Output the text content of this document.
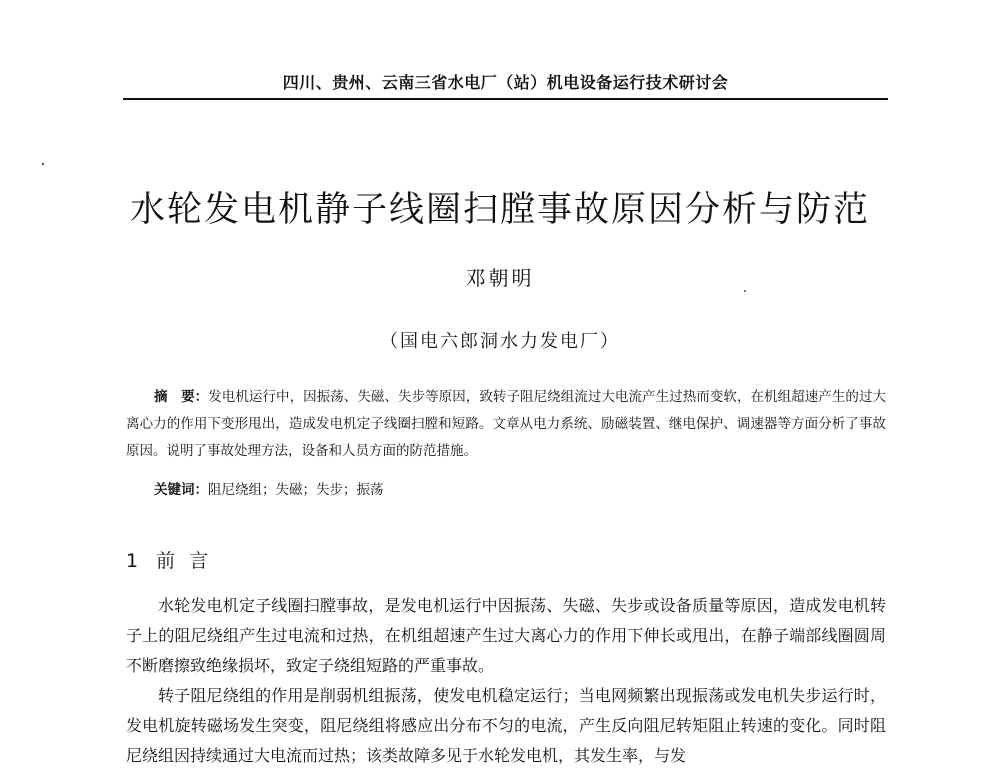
四川、贵州、云南三省水电厂（站）机电设备运行技术研讨会
水轮发电机静子线圈扫膛事故原因分析与防范
邓朝明
（国电六郎洞水力发电厂）
摘　要：发电机运行中，因振荡、失磁、失步等原因，致转子阻尼绕组流过大电流产生过热而变软，在机组超速产生的过大离心力的作用下变形甩出，造成发电机定子线圈扫膛和短路。文章从电力系统、励磁装置、继电保护、调速器等方面分析了事故原因。说明了事故处理方法，设备和人员方面的防范措施。
关键词：阻尼绕组；失磁；失步；振荡
1 前言

水轮发电机定子线圈扫膛事故，是发电机运行中因振荡、失磁、失步或设备质量等原因，造成发电机转子上的阻尼绕组产生过电流和过热，在机组超速产生过大离心力的作用下伸长或甩出，在静子端部线圈圆周不断磨擦致绝缘损坏，致定子绕组短路的严重事故。

转子阻尼绕组的作用是削弱机组振荡，使发电机稳定运行；当电网频繁出现振荡或发电机失步运行时，发电机旋转磁场发生突变，阻尼绕组将感应出分布不匀的电流，产生反向阻尼转矩阻止转速的变化。同时阻尼绕组因持续通过大电流而过热；该类故障多见于水轮发电机，其发生率，与发
